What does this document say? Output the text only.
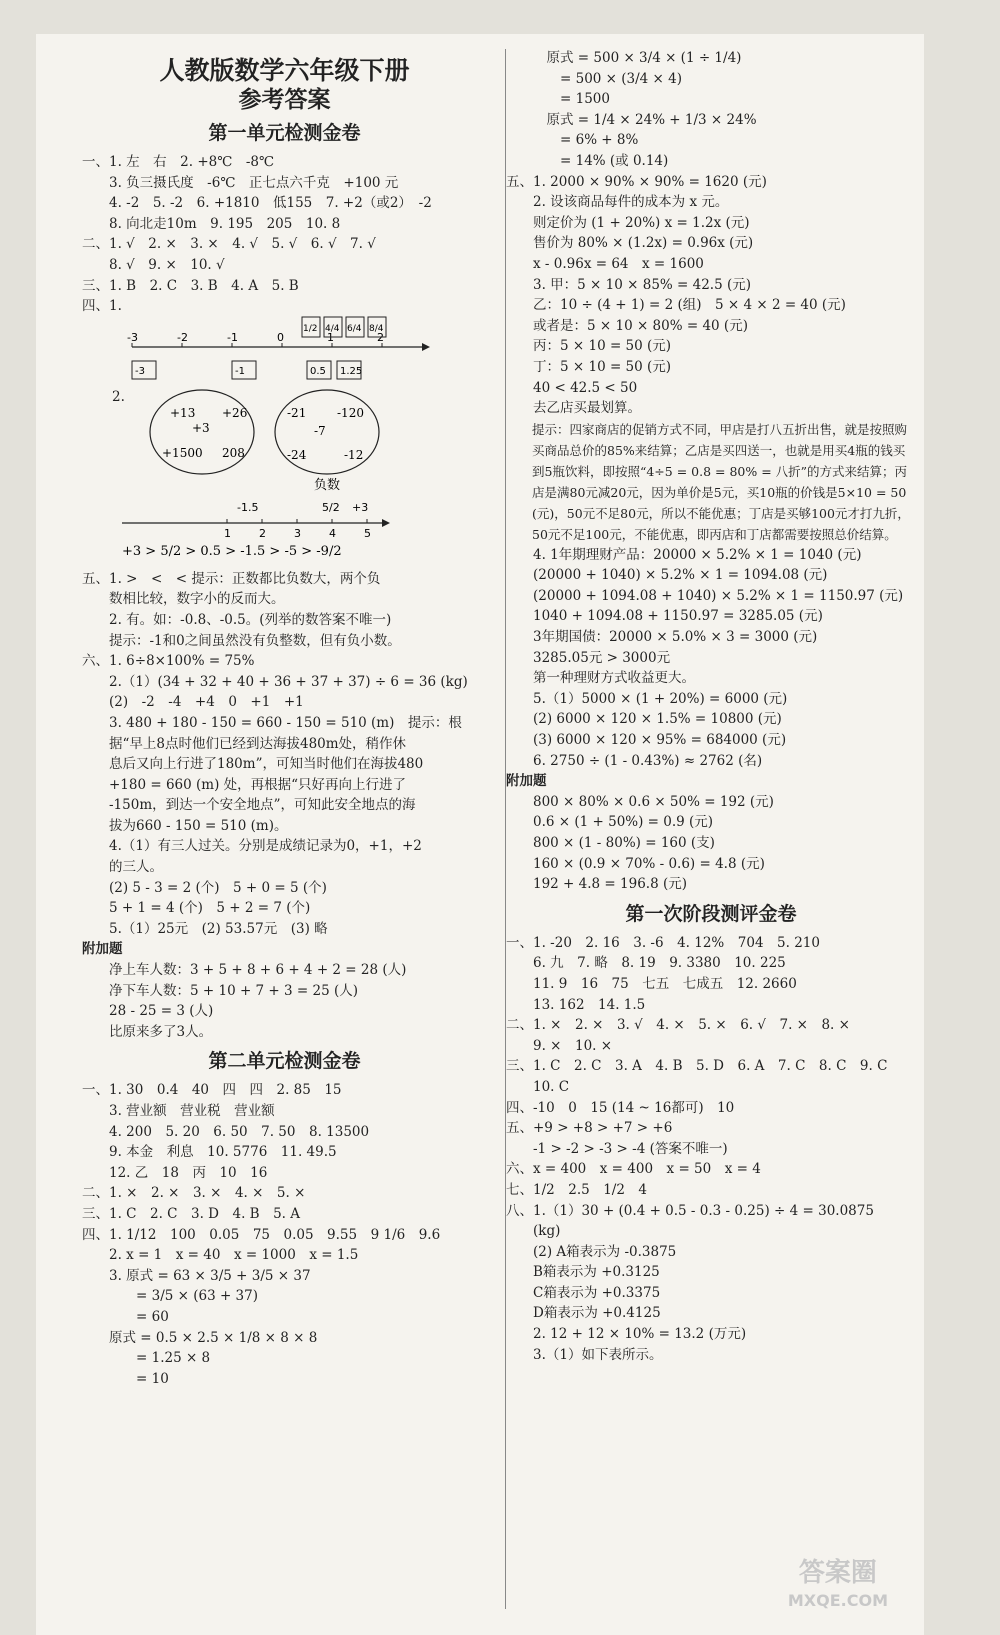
人教版数学六年级下册
参考答案
第一单元检测金卷
一、1. 左　右　2. +8℃　-8℃
　　3. 负三摄氏度　-6℃　正七点六千克　+100 元
　　4. -2　5. -2　6. +1810　低155　7. +2（或2）　-2
　　8. 向北走10m　9. 195　205　10. 8
二、1. √　2. ×　3. ×　4. √　5. √　6. √　7. √
　　8. √　9. ×　10. √
三、1. B　2. C　3. B　4. A　5. B
四、1.
-3	-2	-1	0	1	2
1/2 4/4 6/4 8/4
-3	-1	0.5 1.25
2.
+13 +26
+3
+1500 208
-21	-120
-7
-24	-12
负数
1	2	3	4	5
-1.5	5/2 +3
+3 > 5/2 > 0.5 > -1.5 > -5 > -9/2
五、1. >　<　< 提示：正数都比负数大，两个负
　　数相比较，数字小的反而大。
　　2. 有。如：-0.8、-0.5。(列举的数答案不唯一)
　　提示：-1和0之间虽然没有负整数，但有负小数。
六、1. 6÷8×100% = 75%
　　2.（1）(34 + 32 + 40 + 36 + 37 + 37) ÷ 6 = 36 (kg)
　　(2)　-2　-4　+4　0　+1　+1
　　3. 480 + 180 - 150 = 660 - 150 = 510 (m)　提示：根
　　据“早上8点时他们已经到达海拔480m处，稍作休
　　息后又向上行进了180m”，可知当时他们在海拔480
　　+180 = 660 (m) 处，再根据“只好再向上行进了
　　-150m，到达一个安全地点”，可知此安全地点的海
　　拔为660 - 150 = 510 (m)。
　　4.（1）有三人过关。分别是成绩记录为0，+1，+2
　　的三人。
　　(2) 5 - 3 = 2 (个)　5 + 0 = 5 (个)
　　5 + 1 = 4 (个)　5 + 2 = 7 (个)
　　5.（1）25元　(2) 53.57元　(3) 略
附加题
　　净上车人数：3 + 5 + 8 + 6 + 4 + 2 = 28 (人)
　　净下车人数：5 + 10 + 7 + 3 = 25 (人)
　　28 - 25 = 3 (人)
　　比原来多了3人。
第二单元检测金卷
一、1. 30　0.4　40　四　四　2. 85　15
　　3. 营业额　营业税　营业额
　　4. 200　5. 20　6. 50　7. 50　8. 13500
　　9. 本金　利息　10. 5776　11. 49.5
　　12. 乙　18　丙　10　16
二、1. ×　2. ×　3. ×　4. ×　5. ×
三、1. C　2. C　3. D　4. B　5. A
四、1. 1/12　100　0.05　75　0.05　9.55　9 1/6　9.6
　　2. x = 1　x = 40　x = 1000　x = 1.5
　　3. 原式 = 63 × 3/5 + 3/5 × 37
　　　　= 3/5 × (63 + 37)
　　　　= 60
　　原式 = 0.5 × 2.5 × 1/8 × 8 × 8
　　　　= 1.25 × 8
　　　　= 10
　　　原式 = 500 × 3/4 × (1 ÷ 1/4)
　　　　= 500 × (3/4 × 4)
　　　　= 1500
　　　原式 = 1/4 × 24% + 1/3 × 24%
　　　　= 6% + 8%
　　　　= 14% (或 0.14)
五、1. 2000 × 90% × 90% = 1620 (元)
　　2. 设该商品每件的成本为 x 元。
　　则定价为 (1 + 20%) x = 1.2x (元)
　　售价为 80% × (1.2x) = 0.96x (元)
　　x - 0.96x = 64　x = 1600
　　3. 甲：5 × 10 × 85% = 42.5 (元)
　　乙：10 ÷ (4 + 1) = 2 (组)　5 × 4 × 2 = 40 (元)
　　或者是：5 × 10 × 80% = 40 (元)
　　丙：5 × 10 = 50 (元)
　　丁：5 × 10 = 50 (元)
　　40 < 42.5 < 50
　　去乙店买最划算。
提示：四家商店的促销方式不同，甲店是打八五折出售，就是按照购买商品总价的85%来结算；乙店是买四送一，也就是用买4瓶的钱买到5瓶饮料，即按照“4÷5 = 0.8 = 80% = 八折”的方式来结算；丙店是满80元减20元，因为单价是5元，买10瓶的价钱是5×10 = 50 (元)，50元不足80元，所以不能优惠；丁店是买够100元才打九折，50元不足100元，不能优惠，即丙店和丁店都需要按照总价结算。
　　4. 1年期理财产品：20000 × 5.2% × 1 = 1040 (元)
　　(20000 + 1040) × 5.2% × 1 = 1094.08 (元)
　　(20000 + 1094.08 + 1040) × 5.2% × 1 = 1150.97 (元)
　　1040 + 1094.08 + 1150.97 = 3285.05 (元)
　　3年期国债：20000 × 5.0% × 3 = 3000 (元)
　　3285.05元 > 3000元
　　第一种理财方式收益更大。
　　5.（1）5000 × (1 + 20%) = 6000 (元)
　　(2) 6000 × 120 × 1.5% = 10800 (元)
　　(3) 6000 × 120 × 95% = 684000 (元)
　　6. 2750 ÷ (1 - 0.43%) ≈ 2762 (名)
附加题
　　800 × 80% × 0.6 × 50% = 192 (元)
　　0.6 × (1 + 50%) = 0.9 (元)
　　800 × (1 - 80%) = 160 (支)
　　160 × (0.9 × 70% - 0.6) = 4.8 (元)
　　192 + 4.8 = 196.8 (元)
第一次阶段测评金卷
一、1. -20　2. 16　3. -6　4. 12%　704　5. 210
　　6. 九　7. 略　8. 19　9. 3380　10. 225
　　11. 9　16　75　七五　七成五　12. 2660
　　13. 162　14. 1.5
二、1. ×　2. ×　3. √　4. ×　5. ×　6. √　7. ×　8. ×
　　9. ×　10. ×
三、1. C　2. C　3. A　4. B　5. D　6. A　7. C　8. C　9. C
　　10. C
四、-10　0　15 (14 ~ 16都可)　10
五、+9 > +8 > +7 > +6
　　-1 > -2 > -3 > -4 (答案不唯一)
六、x = 400　x = 400　x = 50　x = 4
七、1/2　2.5　1/2　4
八、1.（1）30 + (0.4 + 0.5 - 0.3 - 0.25) ÷ 4 = 30.0875
　　(kg)
　　(2) A箱表示为 -0.3875
　　B箱表示为 +0.3125
　　C箱表示为 +0.3375
　　D箱表示为 +0.4125
　　2. 12 + 12 × 10% = 13.2 (万元)
　　3.（1）如下表所示。
答案圈
MXQE.COM
